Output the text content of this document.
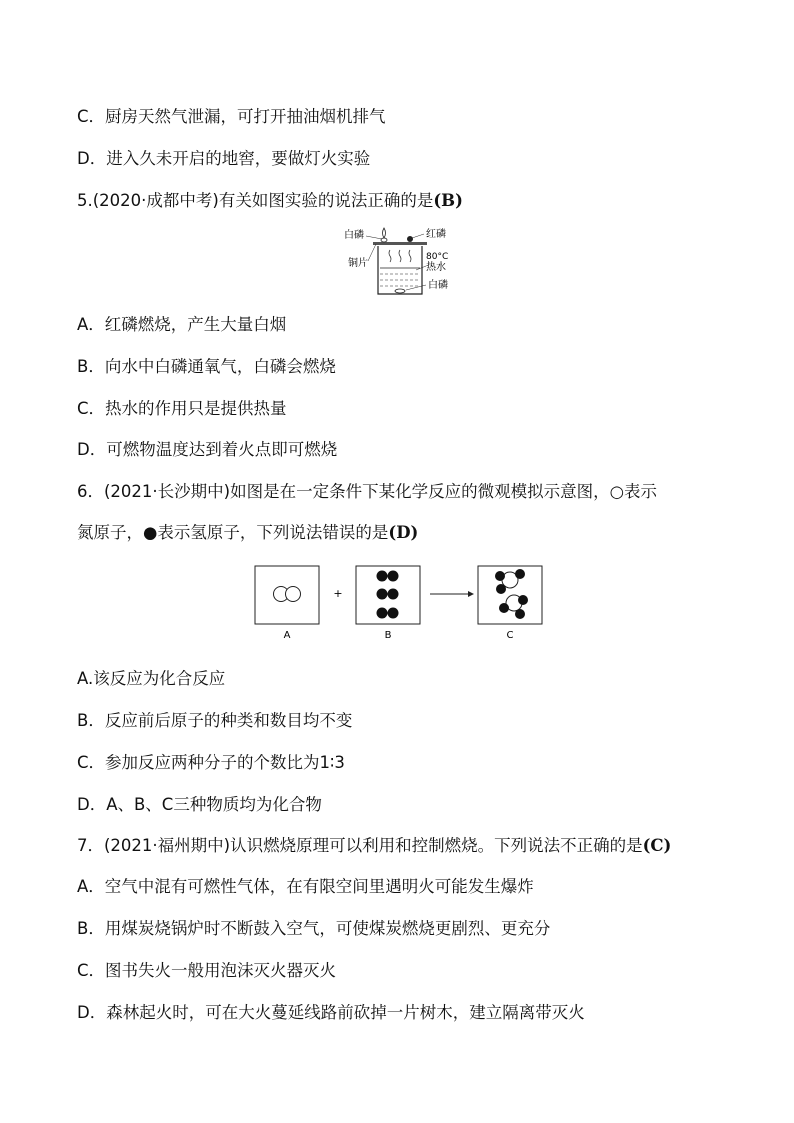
C．厨房天然气泄漏，可打开抽油烟机排气
D．进入久未开启的地窖，要做灯火实验
5.(2020·成都中考)有关如图实验的说法正确的是(B)
白磷	红磷
80°C
热水
铜片
白磷
A．红磷燃烧，产生大量白烟
B．向水中白磷通氧气，白磷会燃烧
C．热水的作用只是提供热量
D．可燃物温度达到着火点即可燃烧
6．(2021·长沙期中)如图是在一定条件下某化学反应的微观模拟示意图，○表示
氮原子，●表示氢原子，下列说法错误的是(D)
A
+
B	C
A.该反应为化合反应
B．反应前后原子的种类和数目均不变
C．参加反应两种分子的个数比为1∶3
D．A、B、C三种物质均为化合物
7．(2021·福州期中)认识燃烧原理可以利用和控制燃烧。下列说法不正确的是(C)
A．空气中混有可燃性气体，在有限空间里遇明火可能发生爆炸
B．用煤炭烧锅炉时不断鼓入空气，可使煤炭燃烧更剧烈、更充分
C．图书失火一般用泡沫灭火器灭火
D．森林起火时，可在大火蔓延线路前砍掉一片树木，建立隔离带灭火
